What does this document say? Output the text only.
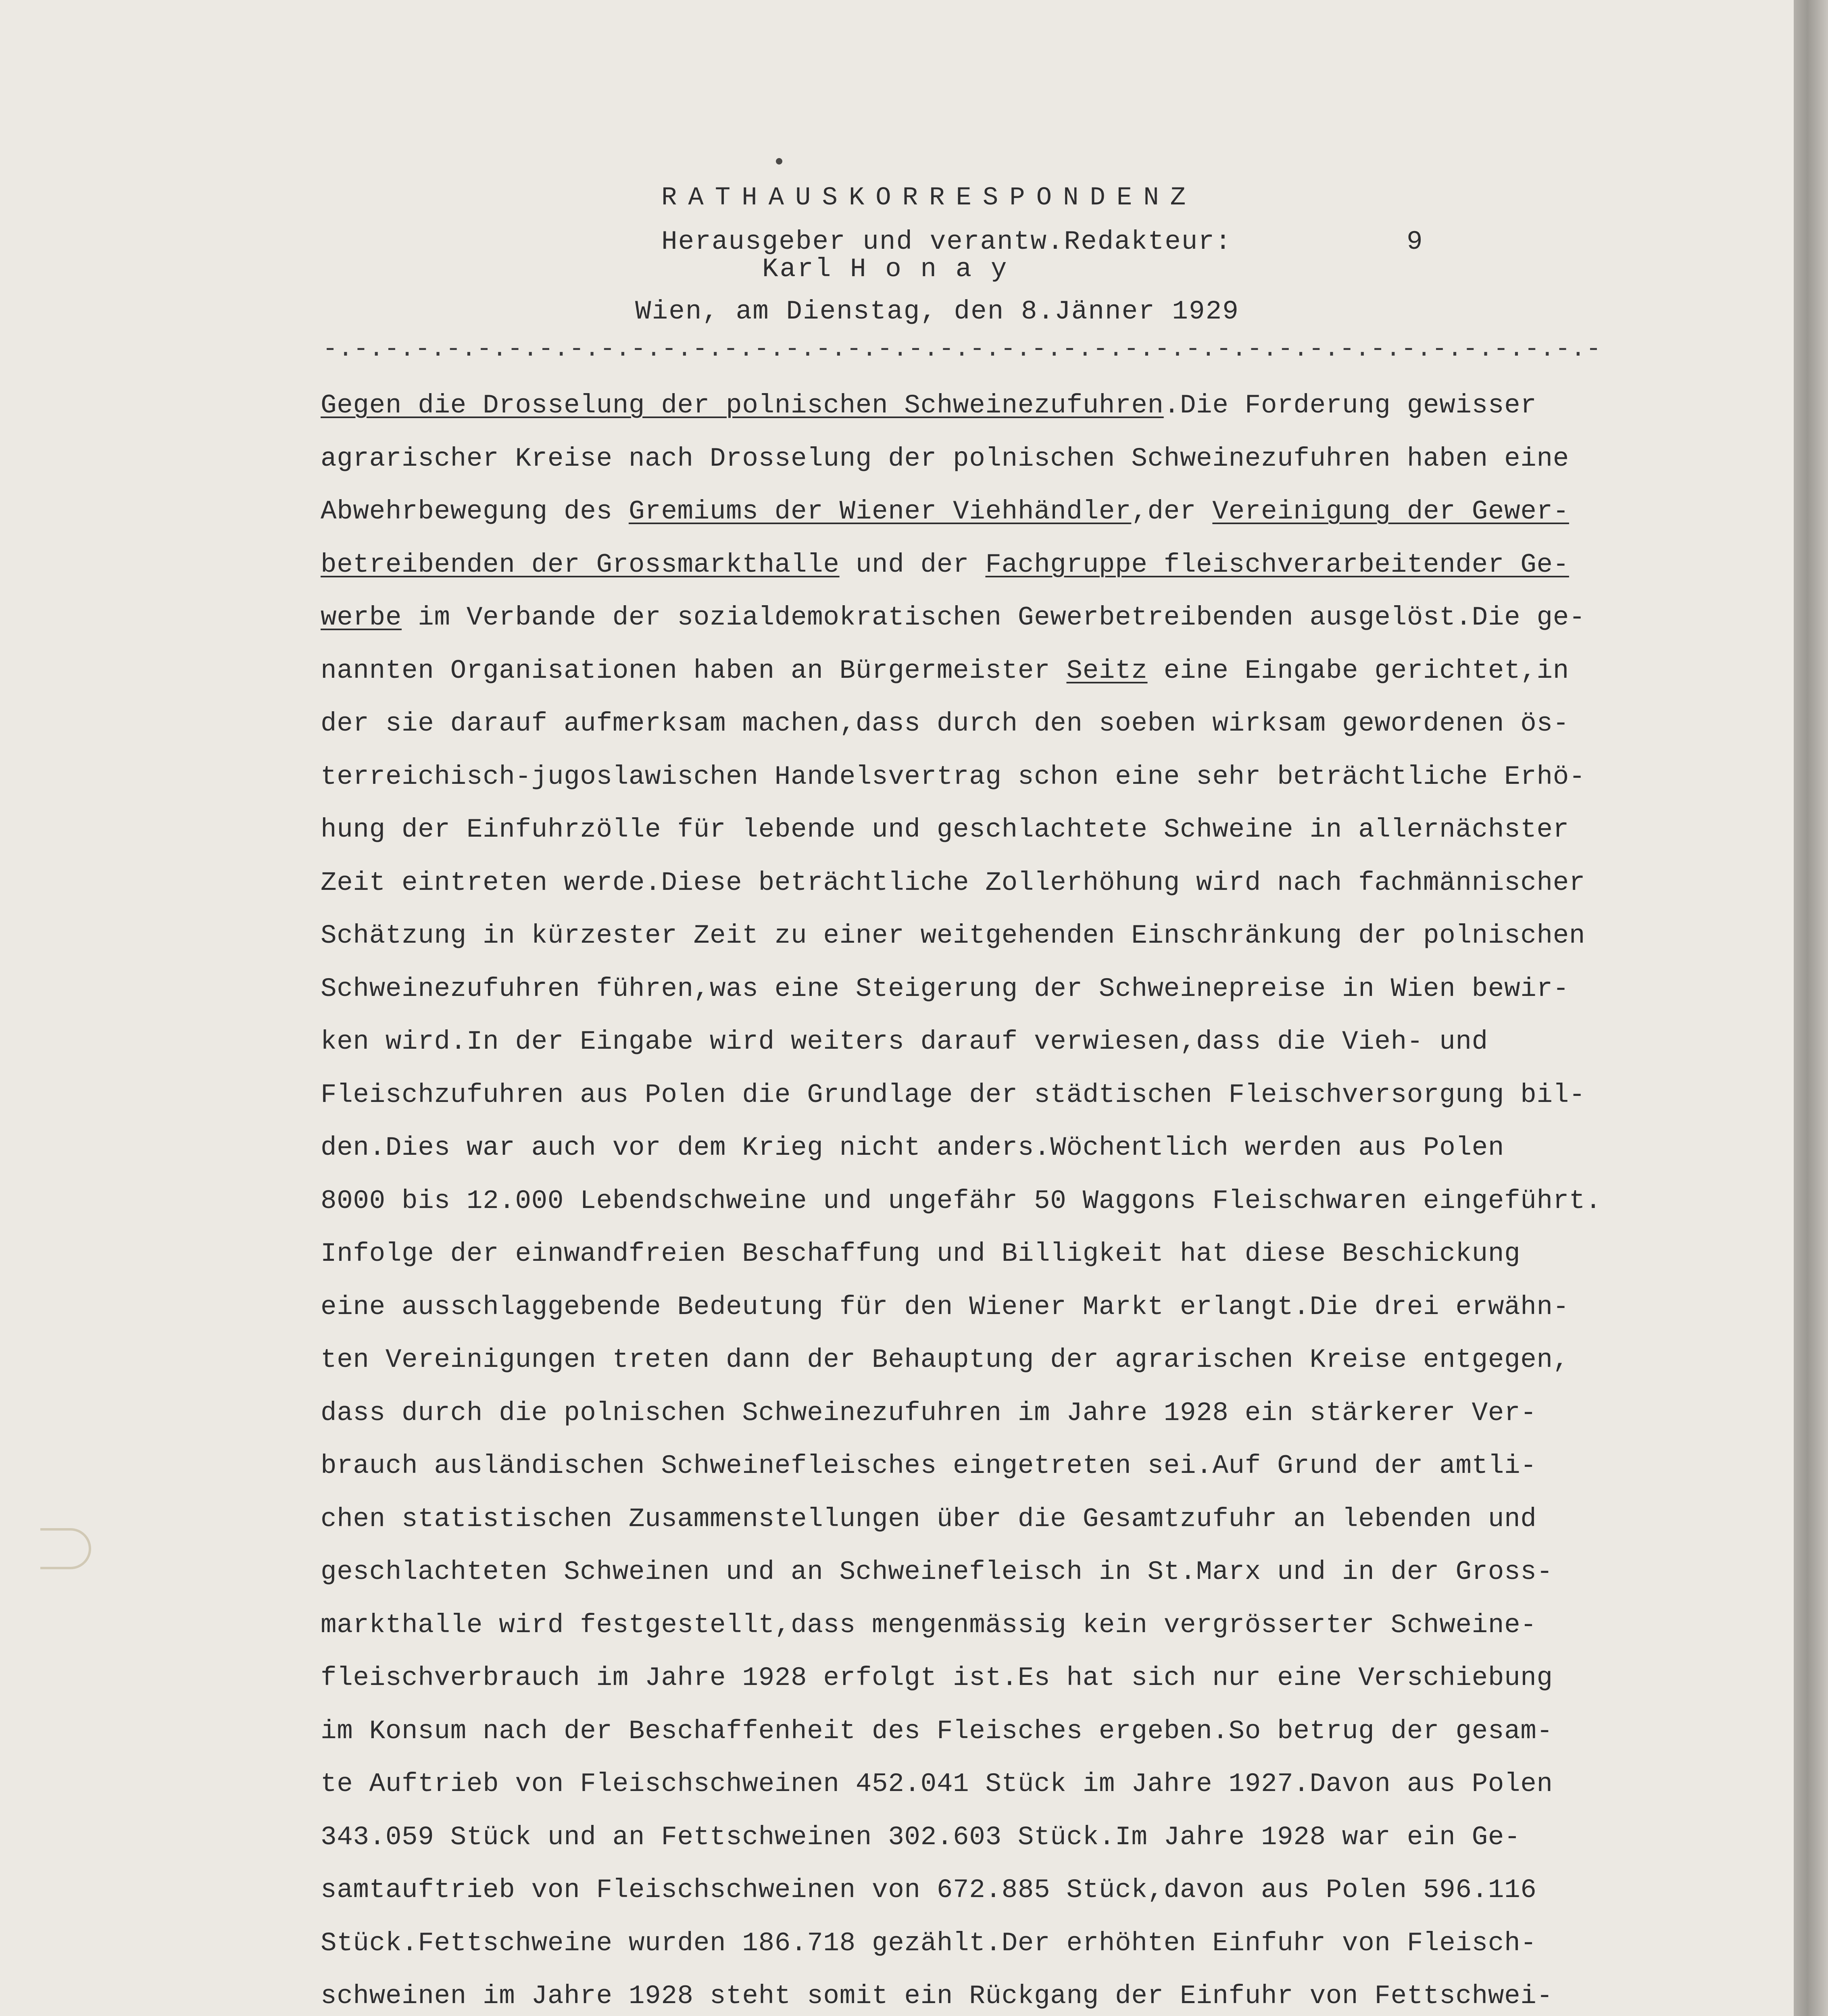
RATHAUSKORRESPONDENZ
Herausgeber und verantw.Redakteur:	9
Karl H o n a y
Wien, am Dienstag, den 8.Jänner 1929
-.-.-.-.-.-.-.-.-.-.-.-.-.-.-.-.-.-.-.-.-.-.-.-.-.-.-.-.-.-.-.-.-.-.-.-.-.-.-.-.-.-
Gegen die Drosselung der polnischen Schweinezufuhren.Die Forderung gewisser
agrarischer Kreise nach Drosselung der polnischen Schweinezufuhren haben eine
Abwehrbewegung des Gremiums der Wiener Viehhändler,der Vereinigung der Gewer-
betreibenden der Grossmarkthalle und der Fachgruppe fleischverarbeitender Ge-
werbe im Verbande der sozialdemokratischen Gewerbetreibenden ausgelöst.Die ge-
nannten Organisationen haben an Bürgermeister Seitz eine Eingabe gerichtet,in
der sie darauf aufmerksam machen,dass durch den soeben wirksam gewordenen ös-
terreichisch-jugoslawischen Handelsvertrag schon eine sehr beträchtliche Erhö-
hung der Einfuhrzölle für lebende und geschlachtete Schweine in allernächster
Zeit eintreten werde.Diese beträchtliche Zollerhöhung wird nach fachmännischer
Schätzung in kürzester Zeit zu einer weitgehenden Einschränkung der polnischen
Schweinezufuhren führen,was eine Steigerung der Schweinepreise in Wien bewir-
ken wird.In der Eingabe wird weiters darauf verwiesen,dass die Vieh- und
Fleischzufuhren aus Polen die Grundlage der städtischen Fleischversorgung bil-
den.Dies war auch vor dem Krieg nicht anders.Wöchentlich werden aus Polen
8000 bis 12.000 Lebendschweine und ungefähr 50 Waggons Fleischwaren eingeführt.
Infolge der einwandfreien Beschaffung und Billigkeit hat diese Beschickung
eine ausschlaggebende Bedeutung für den Wiener Markt erlangt.Die drei erwähn-
ten Vereinigungen treten dann der Behauptung der agrarischen Kreise entgegen,
dass durch die polnischen Schweinezufuhren im Jahre 1928 ein stärkerer Ver-
brauch ausländischen Schweinefleisches eingetreten sei.Auf Grund der amtli-
chen statistischen Zusammenstellungen über die Gesamtzufuhr an lebenden und
geschlachteten Schweinen und an Schweinefleisch in St.Marx und in der Gross-
markthalle wird festgestellt,dass mengenmässig kein vergrösserter Schweine-
fleischverbrauch im Jahre 1928 erfolgt ist.Es hat sich nur eine Verschiebung
im Konsum nach der Beschaffenheit des Fleisches ergeben.So betrug der gesam-
te Auftrieb von Fleischschweinen 452.041 Stück im Jahre 1927.Davon aus Polen
343.059 Stück und an Fettschweinen 302.603 Stück.Im Jahre 1928 war ein Ge-
samtauftrieb von Fleischschweinen von 672.885 Stück,davon aus Polen 596.116
Stück.Fettschweine wurden 186.718 gezählt.Der erhöhten Einfuhr von Fleisch-
schweinen im Jahre 1928 steht somit ein Rückgang der Einfuhr von Fettschwei-
